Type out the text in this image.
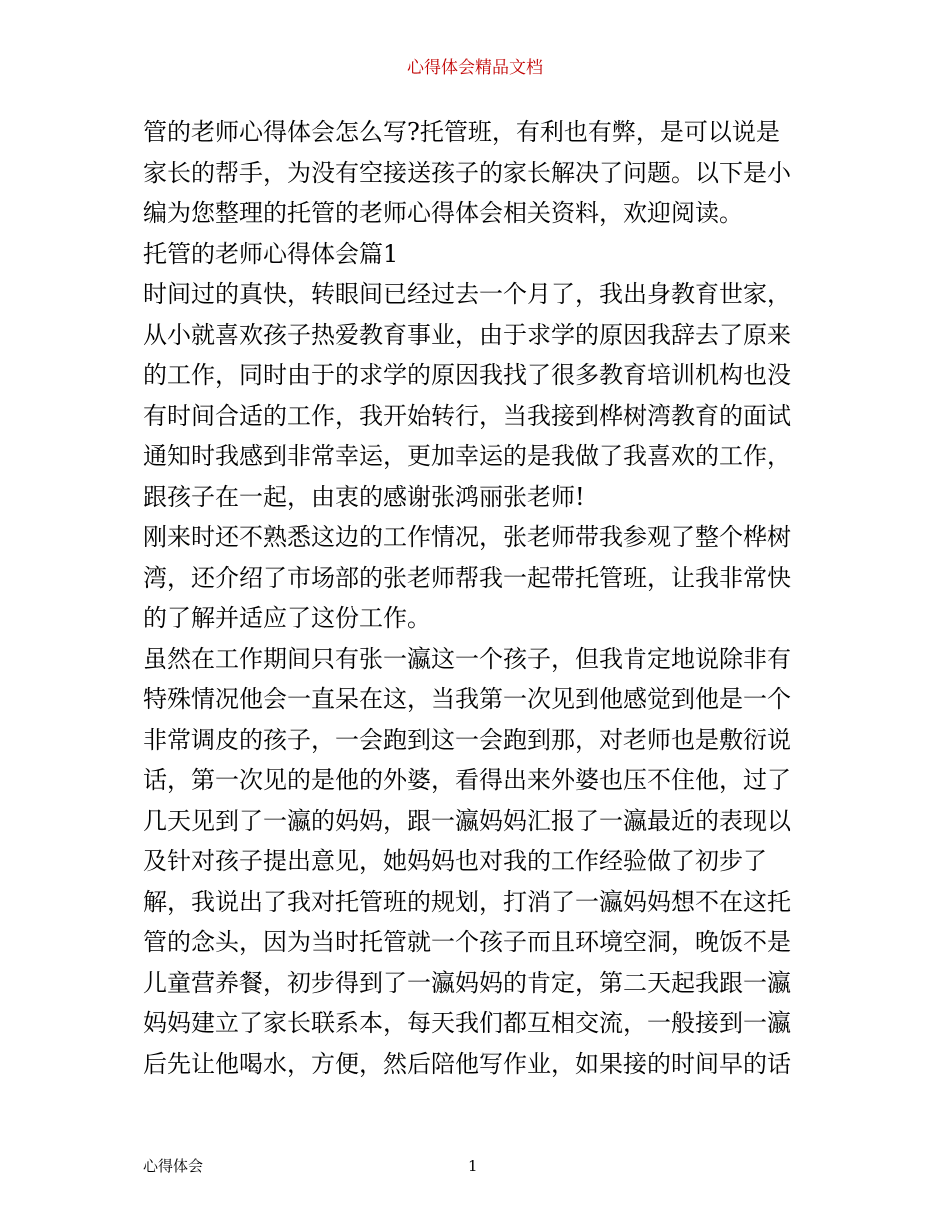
心得体会精品文档

管的老师心得体会怎么写?托管班，有利也有弊，是可以说是
家长的帮手，为没有空接送孩子的家长解决了问题。以下是小
编为您整理的托管的老师心得体会相关资料，欢迎阅读。
托管的老师心得体会篇1
时间过的真快，转眼间已经过去一个月了，我出身教育世家，
从小就喜欢孩子热爱教育事业，由于求学的原因我辞去了原来
的工作，同时由于的求学的原因我找了很多教育培训机构也没
有时间合适的工作，我开始转行，当我接到桦树湾教育的面试
通知时我感到非常幸运，更加幸运的是我做了我喜欢的工作，
跟孩子在一起，由衷的感谢张鸿丽张老师!
刚来时还不熟悉这边的工作情况，张老师带我参观了整个桦树
湾，还介绍了市场部的张老师帮我一起带托管班，让我非常快
的了解并适应了这份工作。
虽然在工作期间只有张一瀛这一个孩子，但我肯定地说除非有
特殊情况他会一直呆在这，当我第一次见到他感觉到他是一个
非常调皮的孩子，一会跑到这一会跑到那，对老师也是敷衍说
话，第一次见的是他的外婆，看得出来外婆也压不住他，过了
几天见到了一瀛的妈妈，跟一瀛妈妈汇报了一瀛最近的表现以
及针对孩子提出意见，她妈妈也对我的工作经验做了初步了
解，我说出了我对托管班的规划，打消了一瀛妈妈想不在这托
管的念头，因为当时托管就一个孩子而且环境空洞，晚饭不是
儿童营养餐，初步得到了一瀛妈妈的肯定，第二天起我跟一瀛
妈妈建立了家长联系本，每天我们都互相交流，一般接到一瀛
后先让他喝水，方便，然后陪他写作业，如果接的时间早的话

心得体会	1
